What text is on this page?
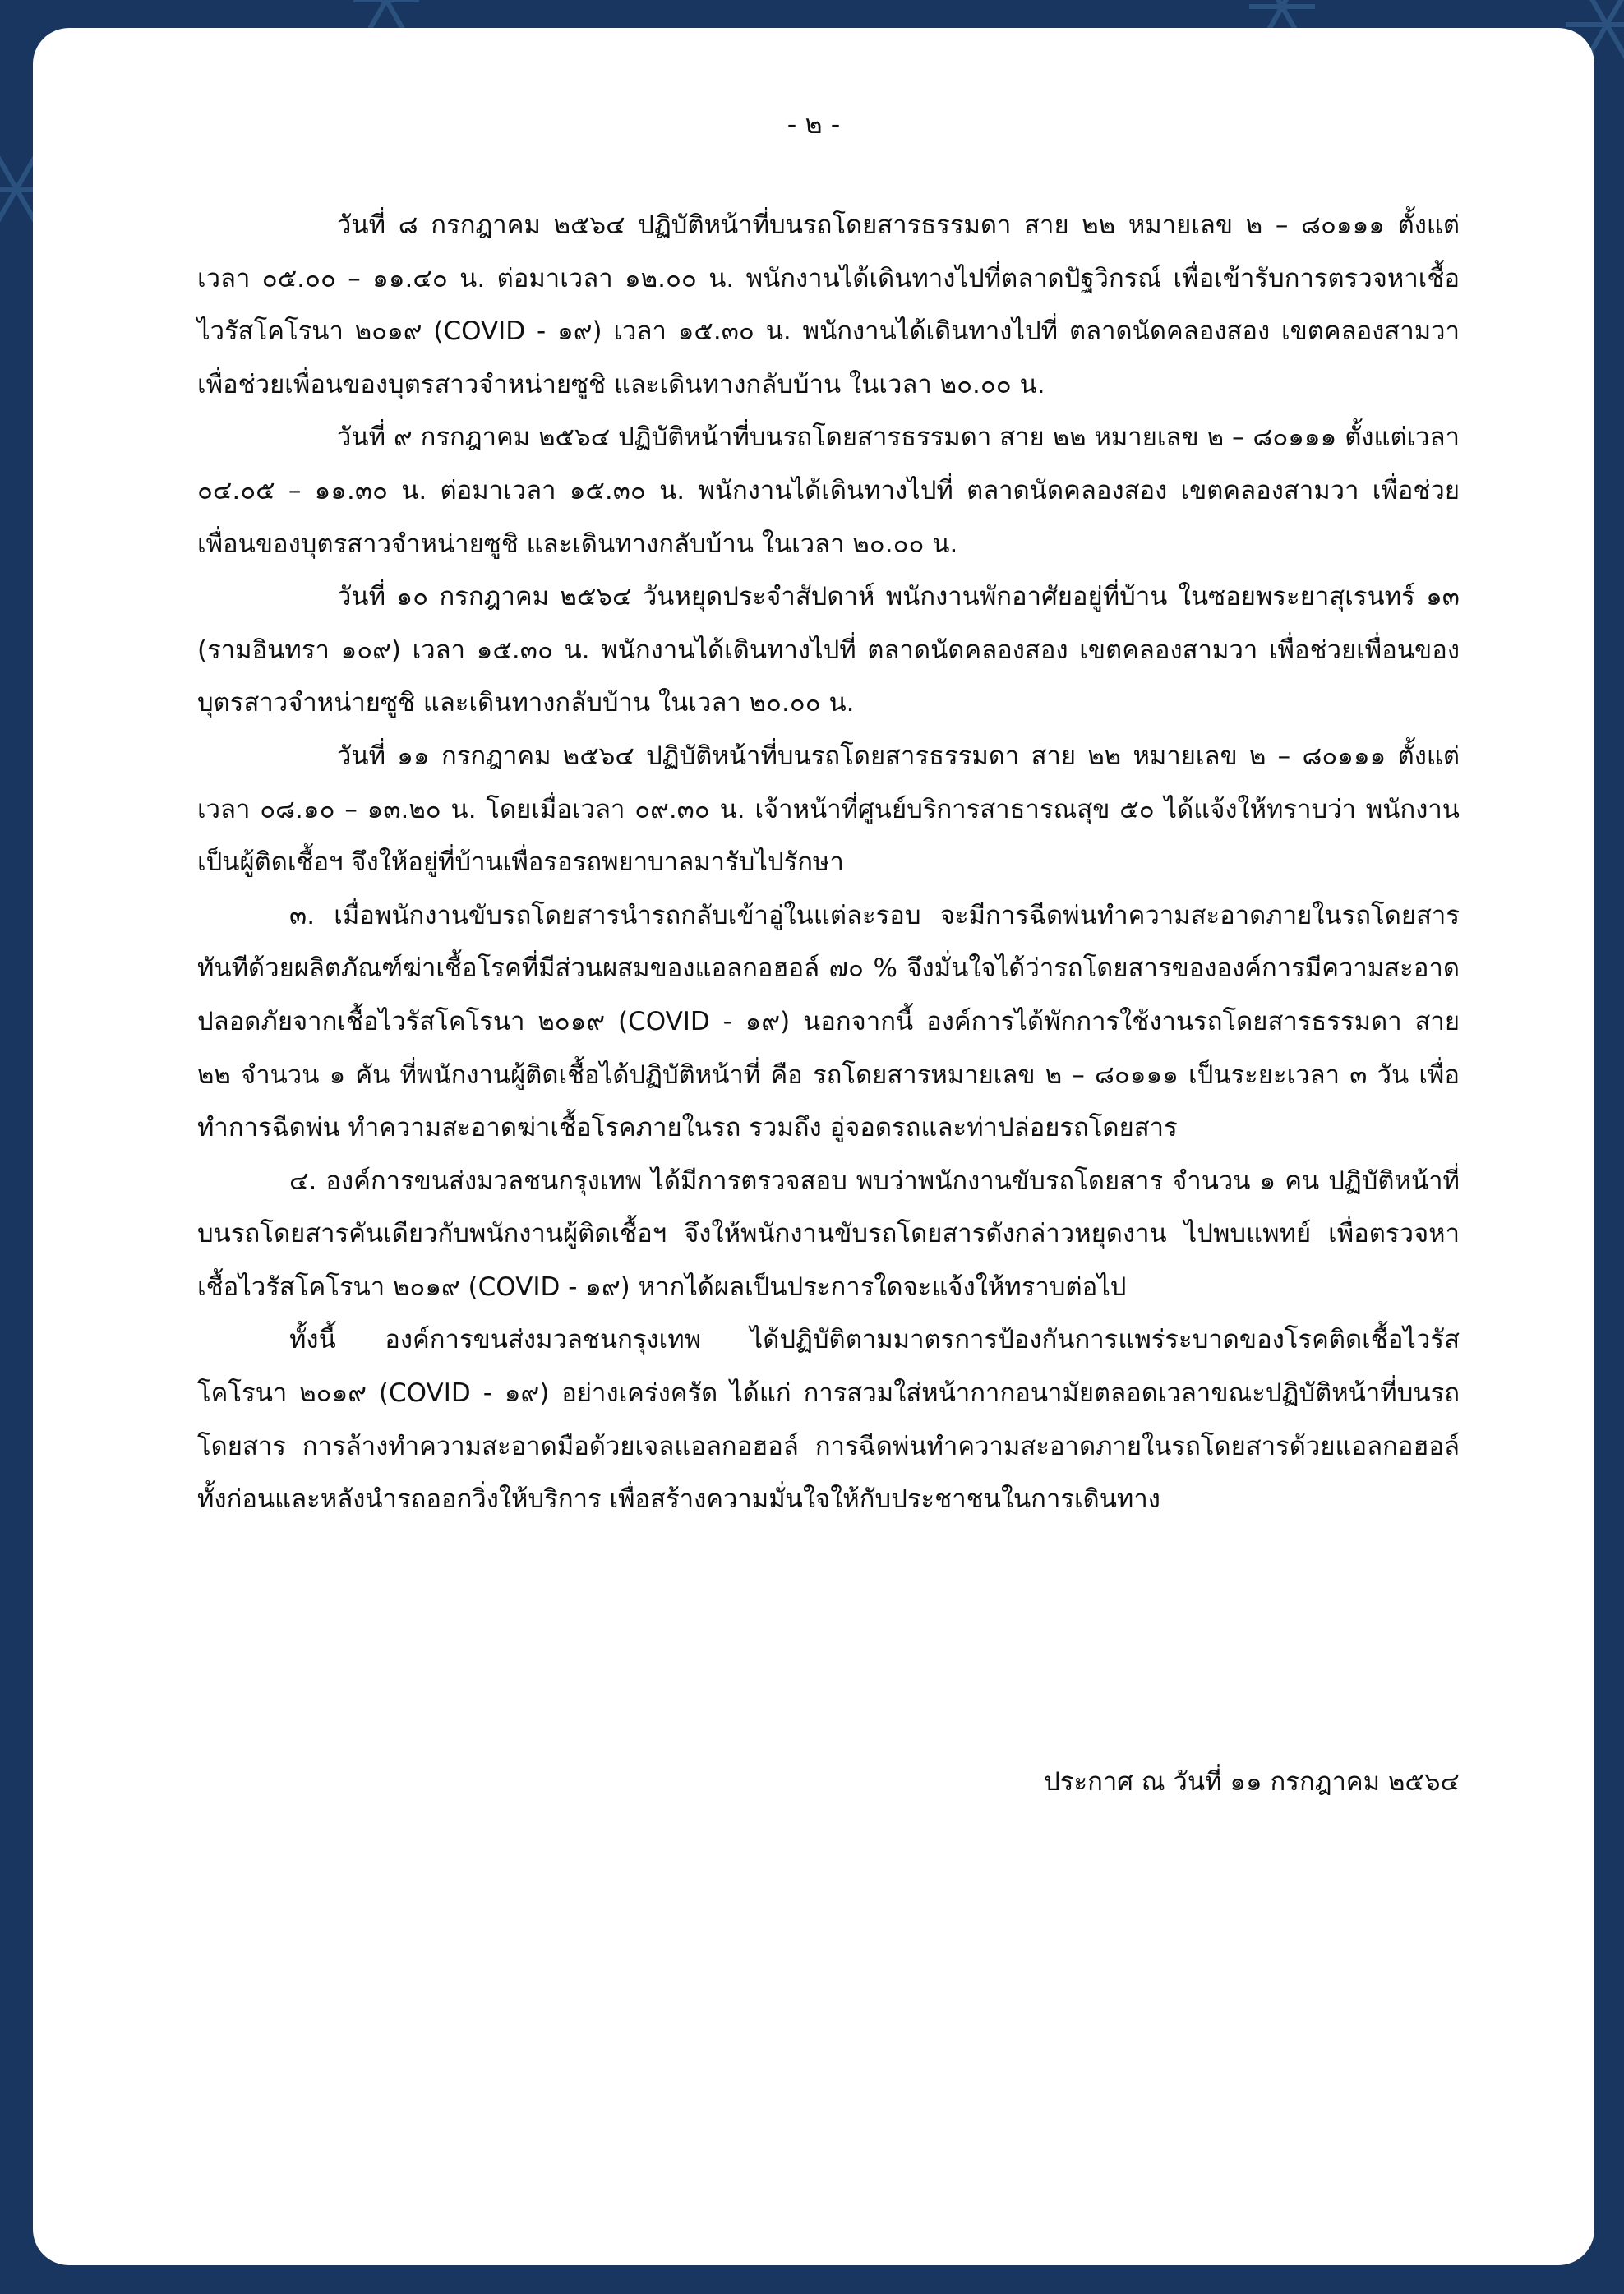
- ๒ -

วันที่ ๘ กรกฎาคม ๒๕๖๔ ปฏิบัติหน้าที่บนรถโดยสารธรรมดา สาย ๒๒ หมายเลข ๒ – ๘๐๑๑๑ ตั้งแต่เวลา ๐๕.๐๐ – ๑๑.๔๐ น. ต่อมาเวลา ๑๒.๐๐ น. พนักงานได้เดินทางไปที่ตลาดปัฐวิกรณ์ เพื่อเข้ารับการตรวจหาเชื้อไวรัสโคโรนา ๒๐๑๙ (COVID - ๑๙) เวลา ๑๕.๓๐ น. พนักงานได้เดินทางไปที่ ตลาดนัดคลองสอง เขตคลองสามวา เพื่อช่วยเพื่อนของบุตรสาวจำหน่ายซูชิ และเดินทางกลับบ้าน ในเวลา ๒๐.๐๐ น.

วันที่ ๙ กรกฎาคม ๒๕๖๔ ปฏิบัติหน้าที่บนรถโดยสารธรรมดา สาย ๒๒ หมายเลข ๒ – ๘๐๑๑๑ ตั้งแต่เวลา ๐๔.๐๕ – ๑๑.๓๐ น. ต่อมาเวลา ๑๕.๓๐ น. พนักงานได้เดินทางไปที่ ตลาดนัดคลองสอง เขตคลองสามวา เพื่อช่วยเพื่อนของบุตรสาวจำหน่ายซูชิ และเดินทางกลับบ้าน ในเวลา ๒๐.๐๐ น.

วันที่ ๑๐ กรกฎาคม ๒๕๖๔ วันหยุดประจำสัปดาห์ พนักงานพักอาศัยอยู่ที่บ้าน ในซอยพระยาสุเรนทร์ ๑๓ (รามอินทรา ๑๐๙) เวลา ๑๕.๓๐ น. พนักงานได้เดินทางไปที่ ตลาดนัดคลองสอง เขตคลองสามวา เพื่อช่วยเพื่อนของบุตรสาวจำหน่ายซูชิ และเดินทางกลับบ้าน ในเวลา ๒๐.๐๐ น.

วันที่ ๑๑ กรกฎาคม ๒๕๖๔ ปฏิบัติหน้าที่บนรถโดยสารธรรมดา สาย ๒๒ หมายเลข ๒ – ๘๐๑๑๑ ตั้งแต่เวลา ๐๘.๑๐ – ๑๓.๒๐ น. โดยเมื่อเวลา ๐๙.๓๐ น. เจ้าหน้าที่ศูนย์บริการสาธารณสุข ๕๐ ได้แจ้งให้ทราบว่า พนักงานเป็นผู้ติดเชื้อฯ จึงให้อยู่ที่บ้านเพื่อรอรถพยาบาลมารับไปรักษา

๓. เมื่อพนักงานขับรถโดยสารนำรถกลับเข้าอู่ในแต่ละรอบ จะมีการฉีดพ่นทำความสะอาดภายในรถโดยสารทันทีด้วยผลิตภัณฑ์ฆ่าเชื้อโรคที่มีส่วนผสมของแอลกอฮอล์ ๗๐ % จึงมั่นใจได้ว่ารถโดยสารขององค์การมีความสะอาด ปลอดภัยจากเชื้อไวรัสโคโรนา ๒๐๑๙ (COVID - ๑๙) นอกจากนี้ องค์การได้พักการใช้งานรถโดยสารธรรมดา สาย ๒๒ จำนวน ๑ คัน ที่พนักงานผู้ติดเชื้อได้ปฏิบัติหน้าที่ คือ รถโดยสารหมายเลข ๒ – ๘๐๑๑๑ เป็นระยะเวลา ๓ วัน เพื่อทำการฉีดพ่น ทำความสะอาดฆ่าเชื้อโรคภายในรถ รวมถึง อู่จอดรถและท่าปล่อยรถโดยสาร

๔. องค์การขนส่งมวลชนกรุงเทพ ได้มีการตรวจสอบ พบว่าพนักงานขับรถโดยสาร จำนวน ๑ คน ปฏิบัติหน้าที่บนรถโดยสารคันเดียวกับพนักงานผู้ติดเชื้อฯ จึงให้พนักงานขับรถโดยสารดังกล่าวหยุดงาน ไปพบแพทย์ เพื่อตรวจหาเชื้อไวรัสโคโรนา ๒๐๑๙ (COVID - ๑๙) หากได้ผลเป็นประการใดจะแจ้งให้ทราบต่อไป

ทั้งนี้ องค์การขนส่งมวลชนกรุงเทพ ได้ปฏิบัติตามมาตรการป้องกันการแพร่ระบาดของโรคติดเชื้อไวรัสโคโรนา ๒๐๑๙ (COVID - ๑๙) อย่างเคร่งครัด ได้แก่ การสวมใส่หน้ากากอนามัยตลอดเวลาขณะปฏิบัติหน้าที่บนรถโดยสาร การล้างทำความสะอาดมือด้วยเจลแอลกอฮอล์ การฉีดพ่นทำความสะอาดภายในรถโดยสารด้วยแอลกอฮอล์ ทั้งก่อนและหลังนำรถออกวิ่งให้บริการ เพื่อสร้างความมั่นใจให้กับประชาชนในการเดินทาง

ประกาศ ณ วันที่ ๑๑ กรกฎาคม ๒๕๖๔
